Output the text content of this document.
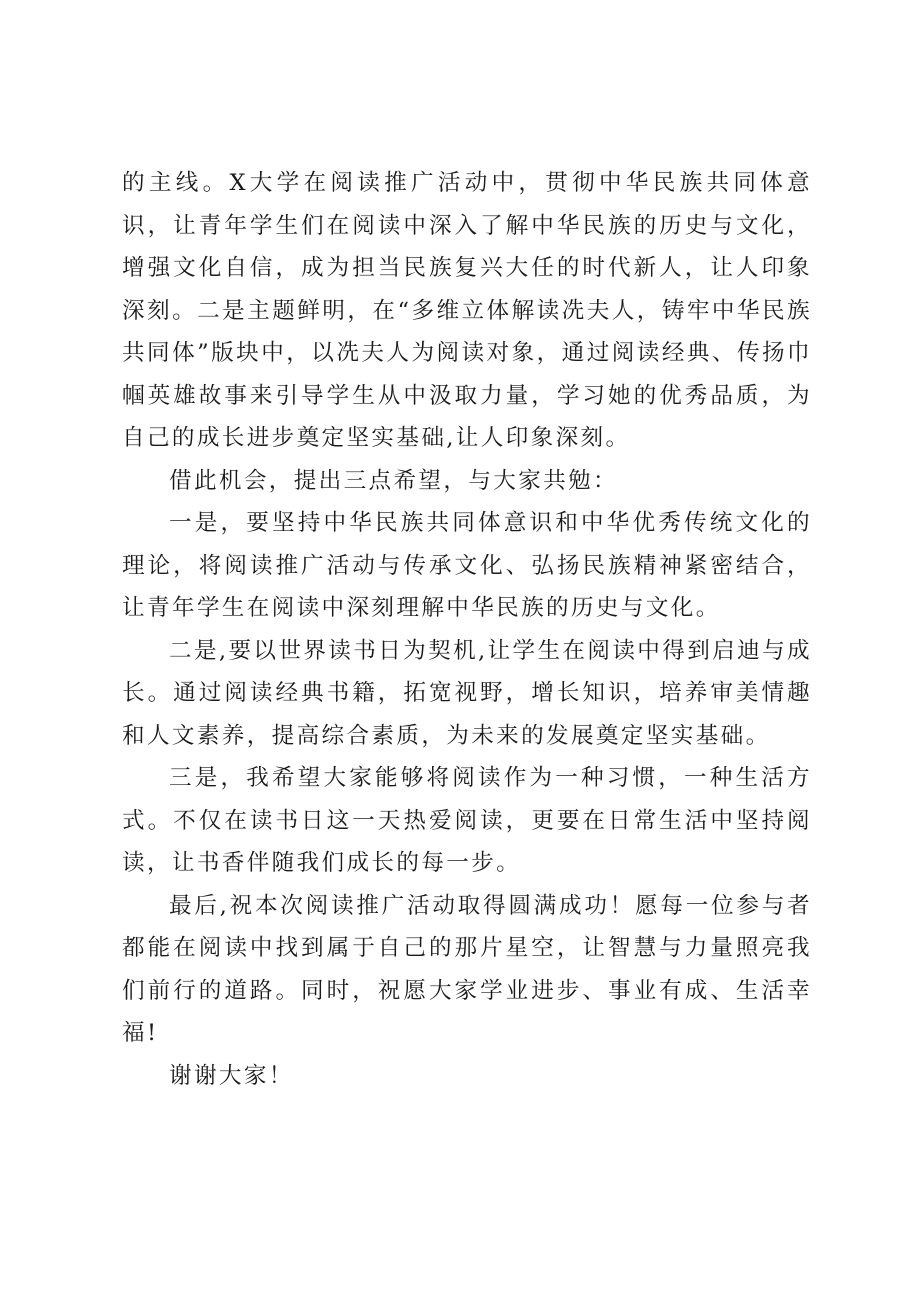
的主线。X大学在阅读推广活动中，贯彻中华民族共同体意识，让青年学生们在阅读中深入了解中华民族的历史与文化，增强文化自信，成为担当民族复兴大任的时代新人，让人印象深刻。二是主题鲜明，在“多维立体解读冼夫人，铸牢中华民族共同体”版块中，以冼夫人为阅读对象，通过阅读经典、传扬巾帼英雄故事来引导学生从中汲取力量，学习她的优秀品质，为自己的成长进步奠定坚实基础,让人印象深刻。

借此机会，提出三点希望，与大家共勉：

一是，要坚持中华民族共同体意识和中华优秀传统文化的理论，将阅读推广活动与传承文化、弘扬民族精神紧密结合，让青年学生在阅读中深刻理解中华民族的历史与文化。

二是,要以世界读书日为契机,让学生在阅读中得到启迪与成长。通过阅读经典书籍，拓宽视野，增长知识，培养审美情趣和人文素养，提高综合素质，为未来的发展奠定坚实基础。

三是，我希望大家能够将阅读作为一种习惯，一种生活方式。不仅在读书日这一天热爱阅读，更要在日常生活中坚持阅读，让书香伴随我们成长的每一步。

最后,祝本次阅读推广活动取得圆满成功！愿每一位参与者都能在阅读中找到属于自己的那片星空，让智慧与力量照亮我们前行的道路。同时，祝愿大家学业进步、事业有成、生活幸福!

谢谢大家！
